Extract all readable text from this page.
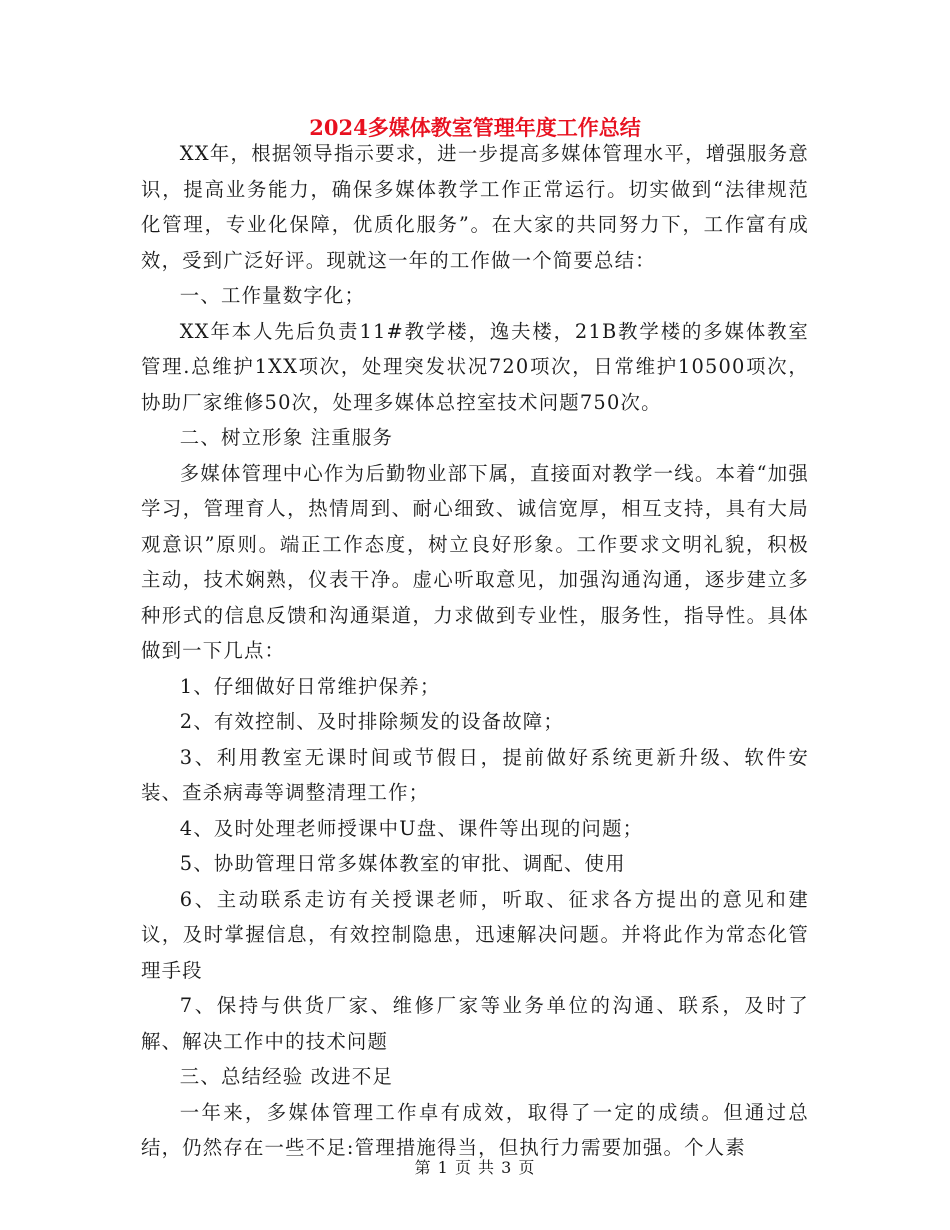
2024多媒体教室管理年度工作总结

XX年，根据领导指示要求，进一步提高多媒体管理水平，增强服务意识，提高业务能力，确保多媒体教学工作正常运行。切实做到“法律规范化管理，专业化保障，优质化服务”。在大家的共同努力下，工作富有成效，受到广泛好评。现就这一年的工作做一个简要总结：

一、工作量数字化；

XX年本人先后负责11#教学楼，逸夫楼，21B教学楼的多媒体教室管理.总维护1XX项次，处理突发状况720项次，日常维护10500项次，协助厂家维修50次，处理多媒体总控室技术问题750次。

二、树立形象 注重服务

多媒体管理中心作为后勤物业部下属，直接面对教学一线。本着“加强学习，管理育人，热情周到、耐心细致、诚信宽厚，相互支持，具有大局观意识”原则。端正工作态度，树立良好形象。工作要求文明礼貌，积极主动，技术娴熟，仪表干净。虚心听取意见，加强沟通沟通，逐步建立多种形式的信息反馈和沟通渠道，力求做到专业性，服务性，指导性。具体做到一下几点：

1、仔细做好日常维护保养；

2、有效控制、及时排除频发的设备故障；

3、利用教室无课时间或节假日，提前做好系统更新升级、软件安装、查杀病毒等调整清理工作；

4、及时处理老师授课中U盘、课件等出现的问题；

5、协助管理日常多媒体教室的审批、调配、使用

6、主动联系走访有关授课老师，听取、征求各方提出的意见和建议，及时掌握信息，有效控制隐患，迅速解决问题。并将此作为常态化管理手段

7、保持与供货厂家、维修厂家等业务单位的沟通、联系，及时了解、解决工作中的技术问题

三、总结经验 改进不足

一年来，多媒体管理工作卓有成效，取得了一定的成绩。但通过总结，仍然存在一些不足:管理措施得当，但执行力需要加强。个人素

第 1 页 共 3 页
